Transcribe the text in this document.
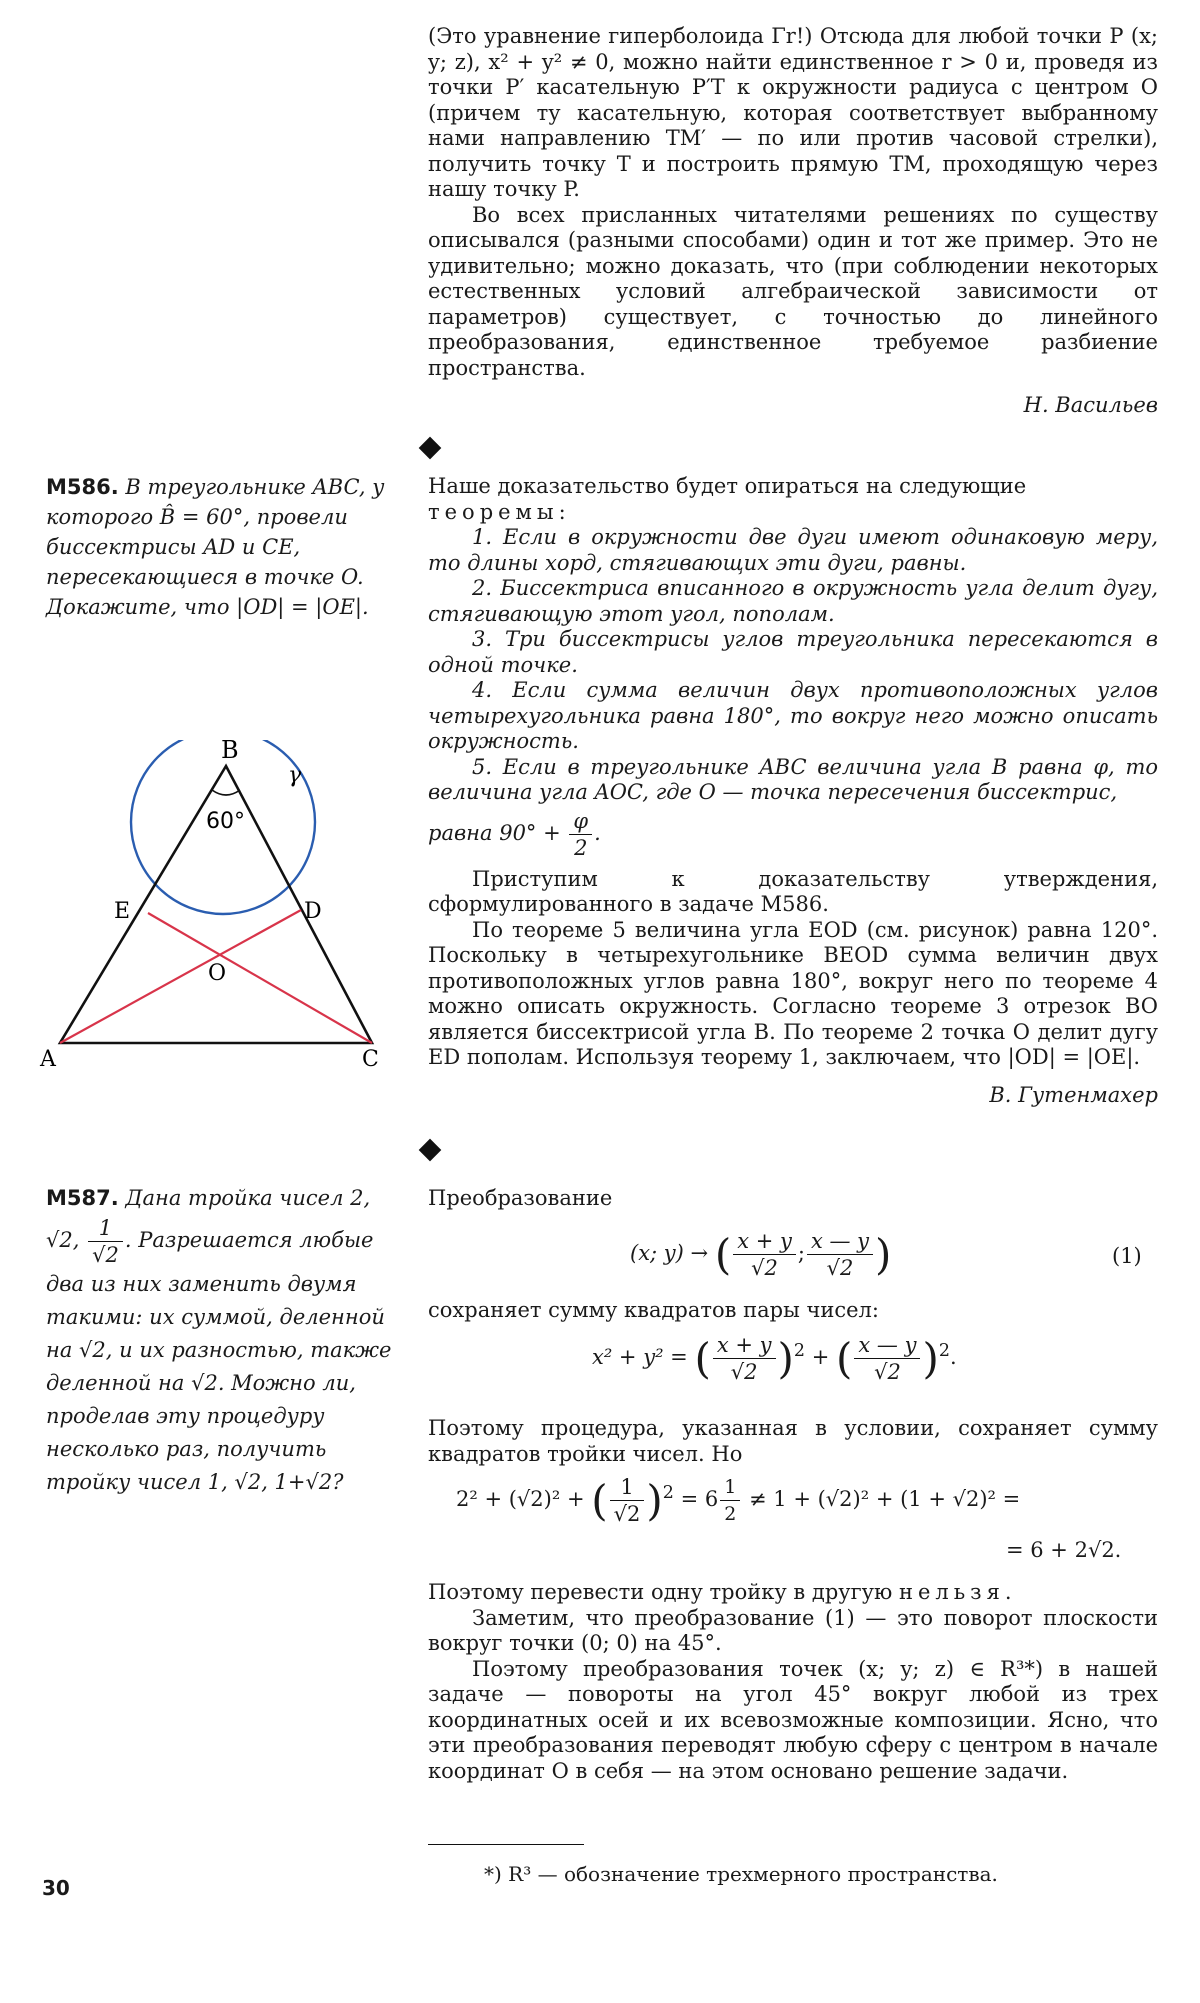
(Это уравнение гиперболоида Γr!) Отсюда для любой точки P (x; y; z), x² + y² ≠ 0, можно найти единственное r > 0 и, проведя из точки P′ касательную P′T к окружности радиуса с центром O (причем ту касательную, которая соответствует выбранному нами направлению TM′ — по или против часовой стрелки), получить точку T и построить прямую TM, проходящую через нашу точку P.

Во всех присланных читателями решениях по существу описывался (разными способами) один и тот же пример. Это не удивительно; можно доказать, что (при соблюдении некоторых естественных условий алгебраической зависимости от параметров) существует, с точностью до линейного преобразования, единственное требуемое разбиение пространства.

Н. Васильев

М586. В треугольнике ABC, у которого B̂ = 60°, провели биссектрисы AD и CE, пересекающиеся в точке O. Докажите, что |OD| = |OE|.

B
γ
60°
E	D
O
A	C

Наше доказательство будет опираться на следующие
теоремы:

1. Если в окружности две дуги имеют одинаковую меру, то длины хорд, стягивающих эти дуги, равны.

2. Биссектриса вписанного в окружность угла делит дугу, стягивающую этот угол, пополам.

3. Три биссектрисы углов треугольника пересекаются в одной точке.

4. Если сумма величин двух противоположных углов четырехугольника равна 180°, то вокруг него можно описать окружность.

5. Если в треугольнике ABC величина угла B равна φ, то величина угла AOC, где O — точка пересечения биссектрис,

равна $90^\circ + \frac{\varphi}{2}$ .

Приступим к доказательству утверждения, сформулированного в задаче М586.

По теореме 5 величина угла EOD (см. рисунок) равна 120°. Поскольку в четырехугольнике BEOD сумма величин двух противоположных углов равна 180°, вокруг него по теореме 4 можно описать окружность. Согласно теореме 3 отрезок BO является биссектрисой угла B. По теореме 2 точка O делит дугу ED пополам. Используя теорему 1, заключаем, что |OD| = |OE|.

В. Гутенмахер

М587. Дана тройка чисел 2, √2, $\frac{1}{√2}$ . Разрешается любые два из них заменить двумя такими: их суммой, деленной на √2, и их разностью, также деленной на √2. Можно ли, проделав эту процедуру несколько раз, получить тройку чисел 1, √2, 1+√2?

Преобразование

(x; y) → ( $\frac{x + y}{√2}$ ; $\frac{x — y}{√2}$ )	(1)

сохраняет сумму квадратов пары чисел:

x² + y² = ( $\frac{x + y}{√2} )^2$ + ( $\frac{x — y}{√2} )^2$.

Поэтому процедура, указанная в условии, сохраняет сумму квадратов тройки чисел. Но

2² + (√2)² + ( $\frac{1}{√2} )^2 = 6 \frac{1}{2} \ne 1 + (√2)^2 + (1 + √2)^2$ =
= 6 + 2√2.

Поэтому перевести одну тройку в другую нельзя.

Заметим, что преобразование (1) — это поворот плоскости вокруг точки (0; 0) на 45°.

Поэтому преобразования точек (x; y; z) ∈ R³*) в нашей задаче — повороты на угол 45° вокруг любой из трех координатных осей и их всевозможные композиции. Ясно, что эти преобразования переводят любую сферу с центром в начале координат O в себя — на этом основано решение задачи.

*) R³ — обозначение трехмерного пространства.
30
